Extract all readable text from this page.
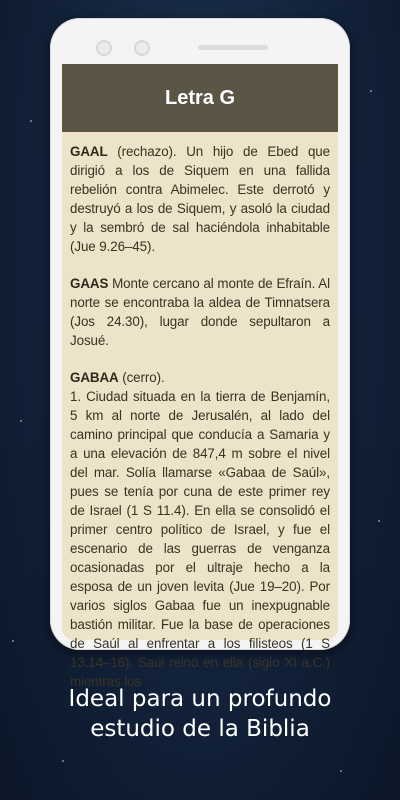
Letra G

GAAL (rechazo). Un hijo de Ebed que dirigió a los de Siquem en una fallida rebelión contra Abimelec. Este derrotó y destruyó a los de Siquem, y asoló la ciudad y la sembró de sal haciéndola inhabitable (Jue 9.26–45).

GAAS Monte cercano al monte de Efraín. Al norte se encontraba la aldea de Timnatsera (Jos 24.30), lugar donde sepultaron a Josué.

GABAA (cerro).
1. Ciudad situada en la tierra de Benjamín, 5 km al norte de Jerusalén, al lado del camino principal que conducía a Samaria y a una elevación de 847,4 m sobre el nivel del mar. Solía llamarse «Gabaa de Saúl», pues se tenía por cuna de este primer rey de Israel (1 S 11.4). En ella se consolidó el primer centro político de Israel, y fue el escenario de las guerras de venganza ocasionadas por el ultraje hecho a la esposa de un joven levita (Jue 19–20). Por varios siglos Gabaa fue un inexpugnable bastión militar. Fue la base de operaciones de Saúl al enfrentar a los filisteos (1 S 13.14–16). Saúl reinó en ella (siglo XI a.C.) mientras los

Ideal para un profundo
estudio de la Biblia
